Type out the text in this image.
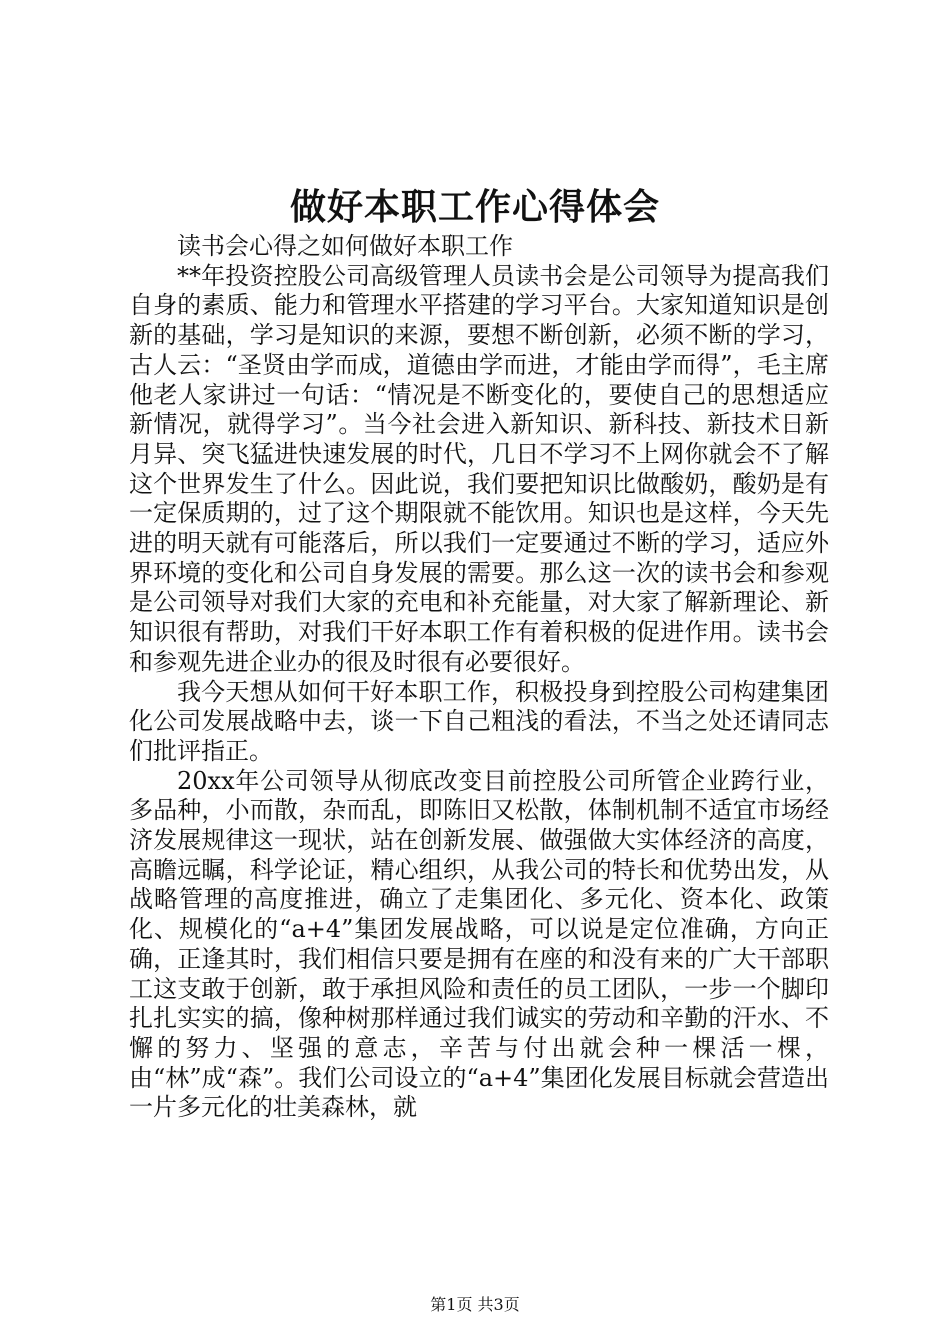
做好本职工作心得体会

读书会心得之如何做好本职工作

**年投资控股公司高级管理人员读书会是公司领导为提高我们自身的素质、能力和管理水平搭建的学习平台。大家知道知识是创新的基础，学习是知识的来源，要想不断创新，必须不断的学习，古人云：“圣贤由学而成，道德由学而进，才能由学而得”，毛主席他老人家讲过一句话：“情况是不断变化的，要使自己的思想适应新情况，就得学习”。当今社会进入新知识、新科技、新技术日新月异、突飞猛进快速发展的时代，几日不学习不上网你就会不了解这个世界发生了什么。因此说，我们要把知识比做酸奶，酸奶是有一定保质期的，过了这个期限就不能饮用。知识也是这样，今天先进的明天就有可能落后，所以我们一定要通过不断的学习，适应外界环境的变化和公司自身发展的需要。那么这一次的读书会和参观是公司领导对我们大家的充电和补充能量，对大家了解新理论、新知识很有帮助，对我们干好本职工作有着积极的促进作用。读书会和参观先进企业办的很及时很有必要很好。

我今天想从如何干好本职工作，积极投身到控股公司构建集团化公司发展战略中去，谈一下自己粗浅的看法，不当之处还请同志们批评指正。

20xx年公司领导从彻底改变目前控股公司所管企业跨行业，多品种，小而散，杂而乱，即陈旧又松散，体制机制不适宜市场经济发展规律这一现状，站在创新发展、做强做大实体经济的高度，高瞻远瞩，科学论证，精心组织，从我公司的特长和优势出发，从战略管理的高度推进，确立了走集团化、多元化、资本化、政策化、规模化的“a+4”集团发展战略，可以说是定位准确，方向正确，正逢其时，我们相信只要是拥有在座的和没有来的广大干部职工这支敢于创新，敢于承担风险和责任的员工团队，一步一个脚印扎扎实实的搞，像种树那样通过我们诚实的劳动和辛勤的汗水、不懈的努力、坚强的意志，辛苦与付出就会种一棵活一棵，由“林”成“森”。我们公司设立的“a+4”集团化发展目标就会营造出一片多元化的壮美森林，就

第1页 共3页
